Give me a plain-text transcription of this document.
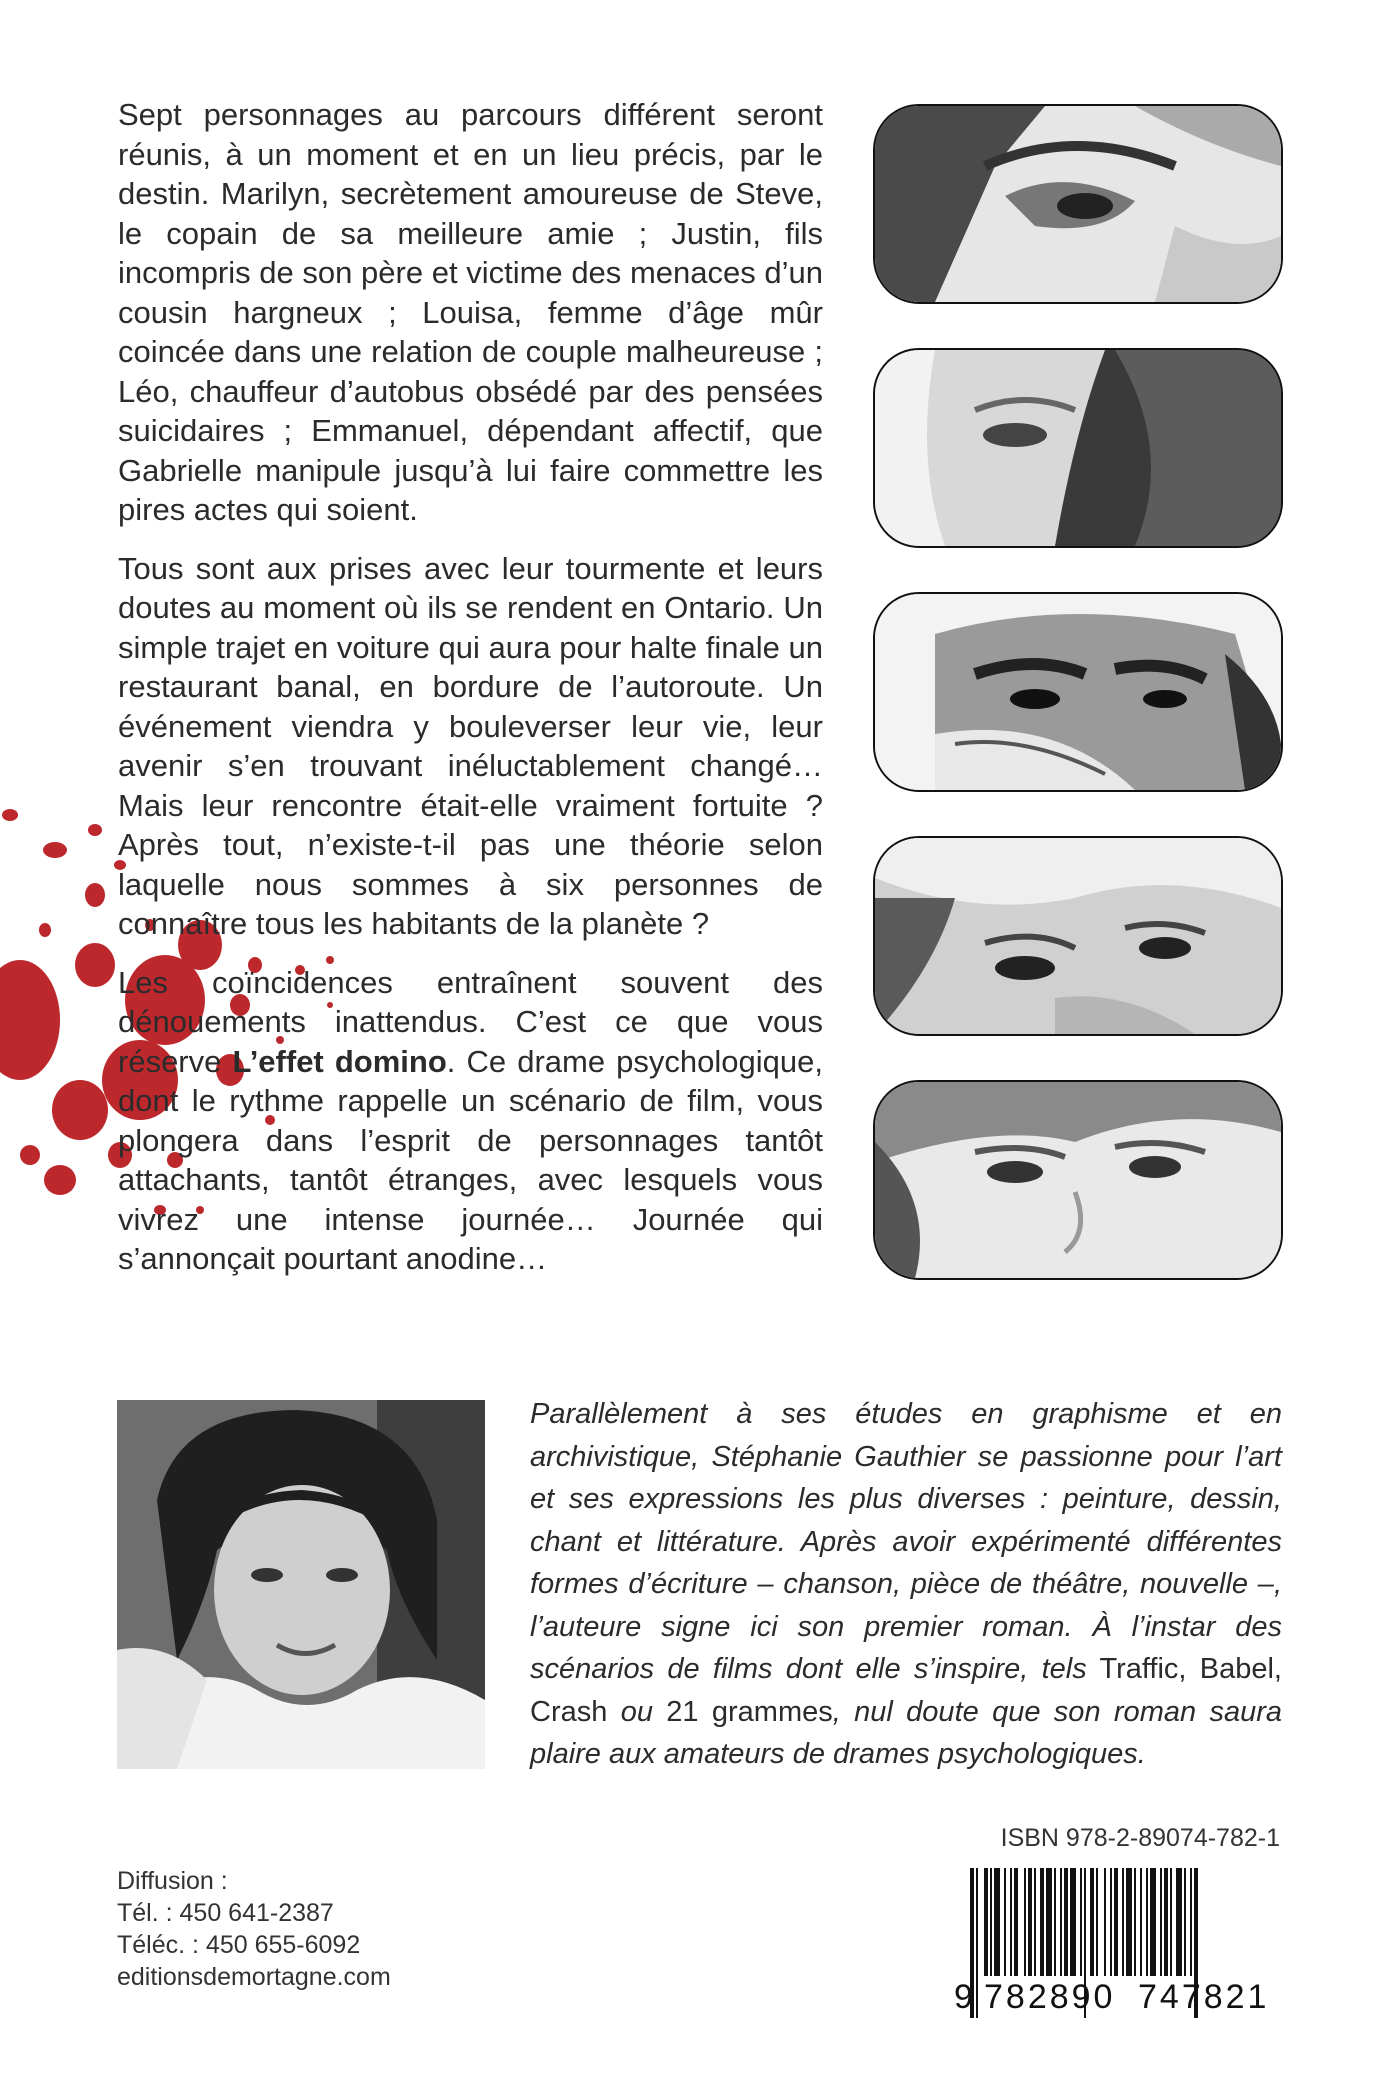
Sept personnages au parcours différent seront réunis, à un moment et en un lieu précis, par le destin. Marilyn, secrètement amoureuse de Steve, le copain de sa meilleure amie ; Justin, fils incompris de son père et victime des menaces d’un cousin hargneux ; Louisa, femme d’âge mûr coincée dans une relation de couple malheureuse ; Léo, chauffeur d’autobus obsédé par des pensées suicidaires ; Emmanuel, dépendant affectif, que Gabrielle manipule jusqu’à lui faire commettre les pires actes qui soient.

Tous sont aux prises avec leur tourmente et leurs doutes au moment où ils se rendent en Ontario. Un simple trajet en voiture qui aura pour halte finale un restaurant banal, en bordure de l’autoroute. Un événement viendra y bouleverser leur vie, leur avenir s’en trouvant inéluctablement changé… Mais leur rencontre était-elle vraiment fortuite ? Après tout, n’existe-t-il pas une théorie selon laquelle nous sommes à six personnes de connaître tous les habitants de la planète ?

Les coïncidences entraînent souvent des dénouements inattendus. C’est ce que vous réserve L’effet domino. Ce drame psychologique, dont le rythme rappelle un scénario de film, vous plongera dans l’esprit de personnages tantôt attachants, tantôt étranges, avec lesquels vous vivrez une intense journée… Journée qui s’annonçait pourtant anodine…

Parallèlement à ses études en graphisme et en archivistique, Stéphanie Gauthier se passionne pour l’art et ses expressions les plus diverses : peinture, dessin, chant et littérature. Après avoir expérimenté différentes formes d’écriture – chanson, pièce de théâtre, nouvelle –, l’auteure signe ici son premier roman. À l’instar des scénarios de films dont elle s’inspire, tels Traffic, Babel, Crash ou 21 grammes, nul doute que son roman saura plaire aux amateurs de drames psychologiques.
ISBN 978-2-89074-782-1
9 782890 747821
Diffusion :
Tél. : 450 641-2387
Téléc. : 450 655-6092
editionsdemortagne.com
